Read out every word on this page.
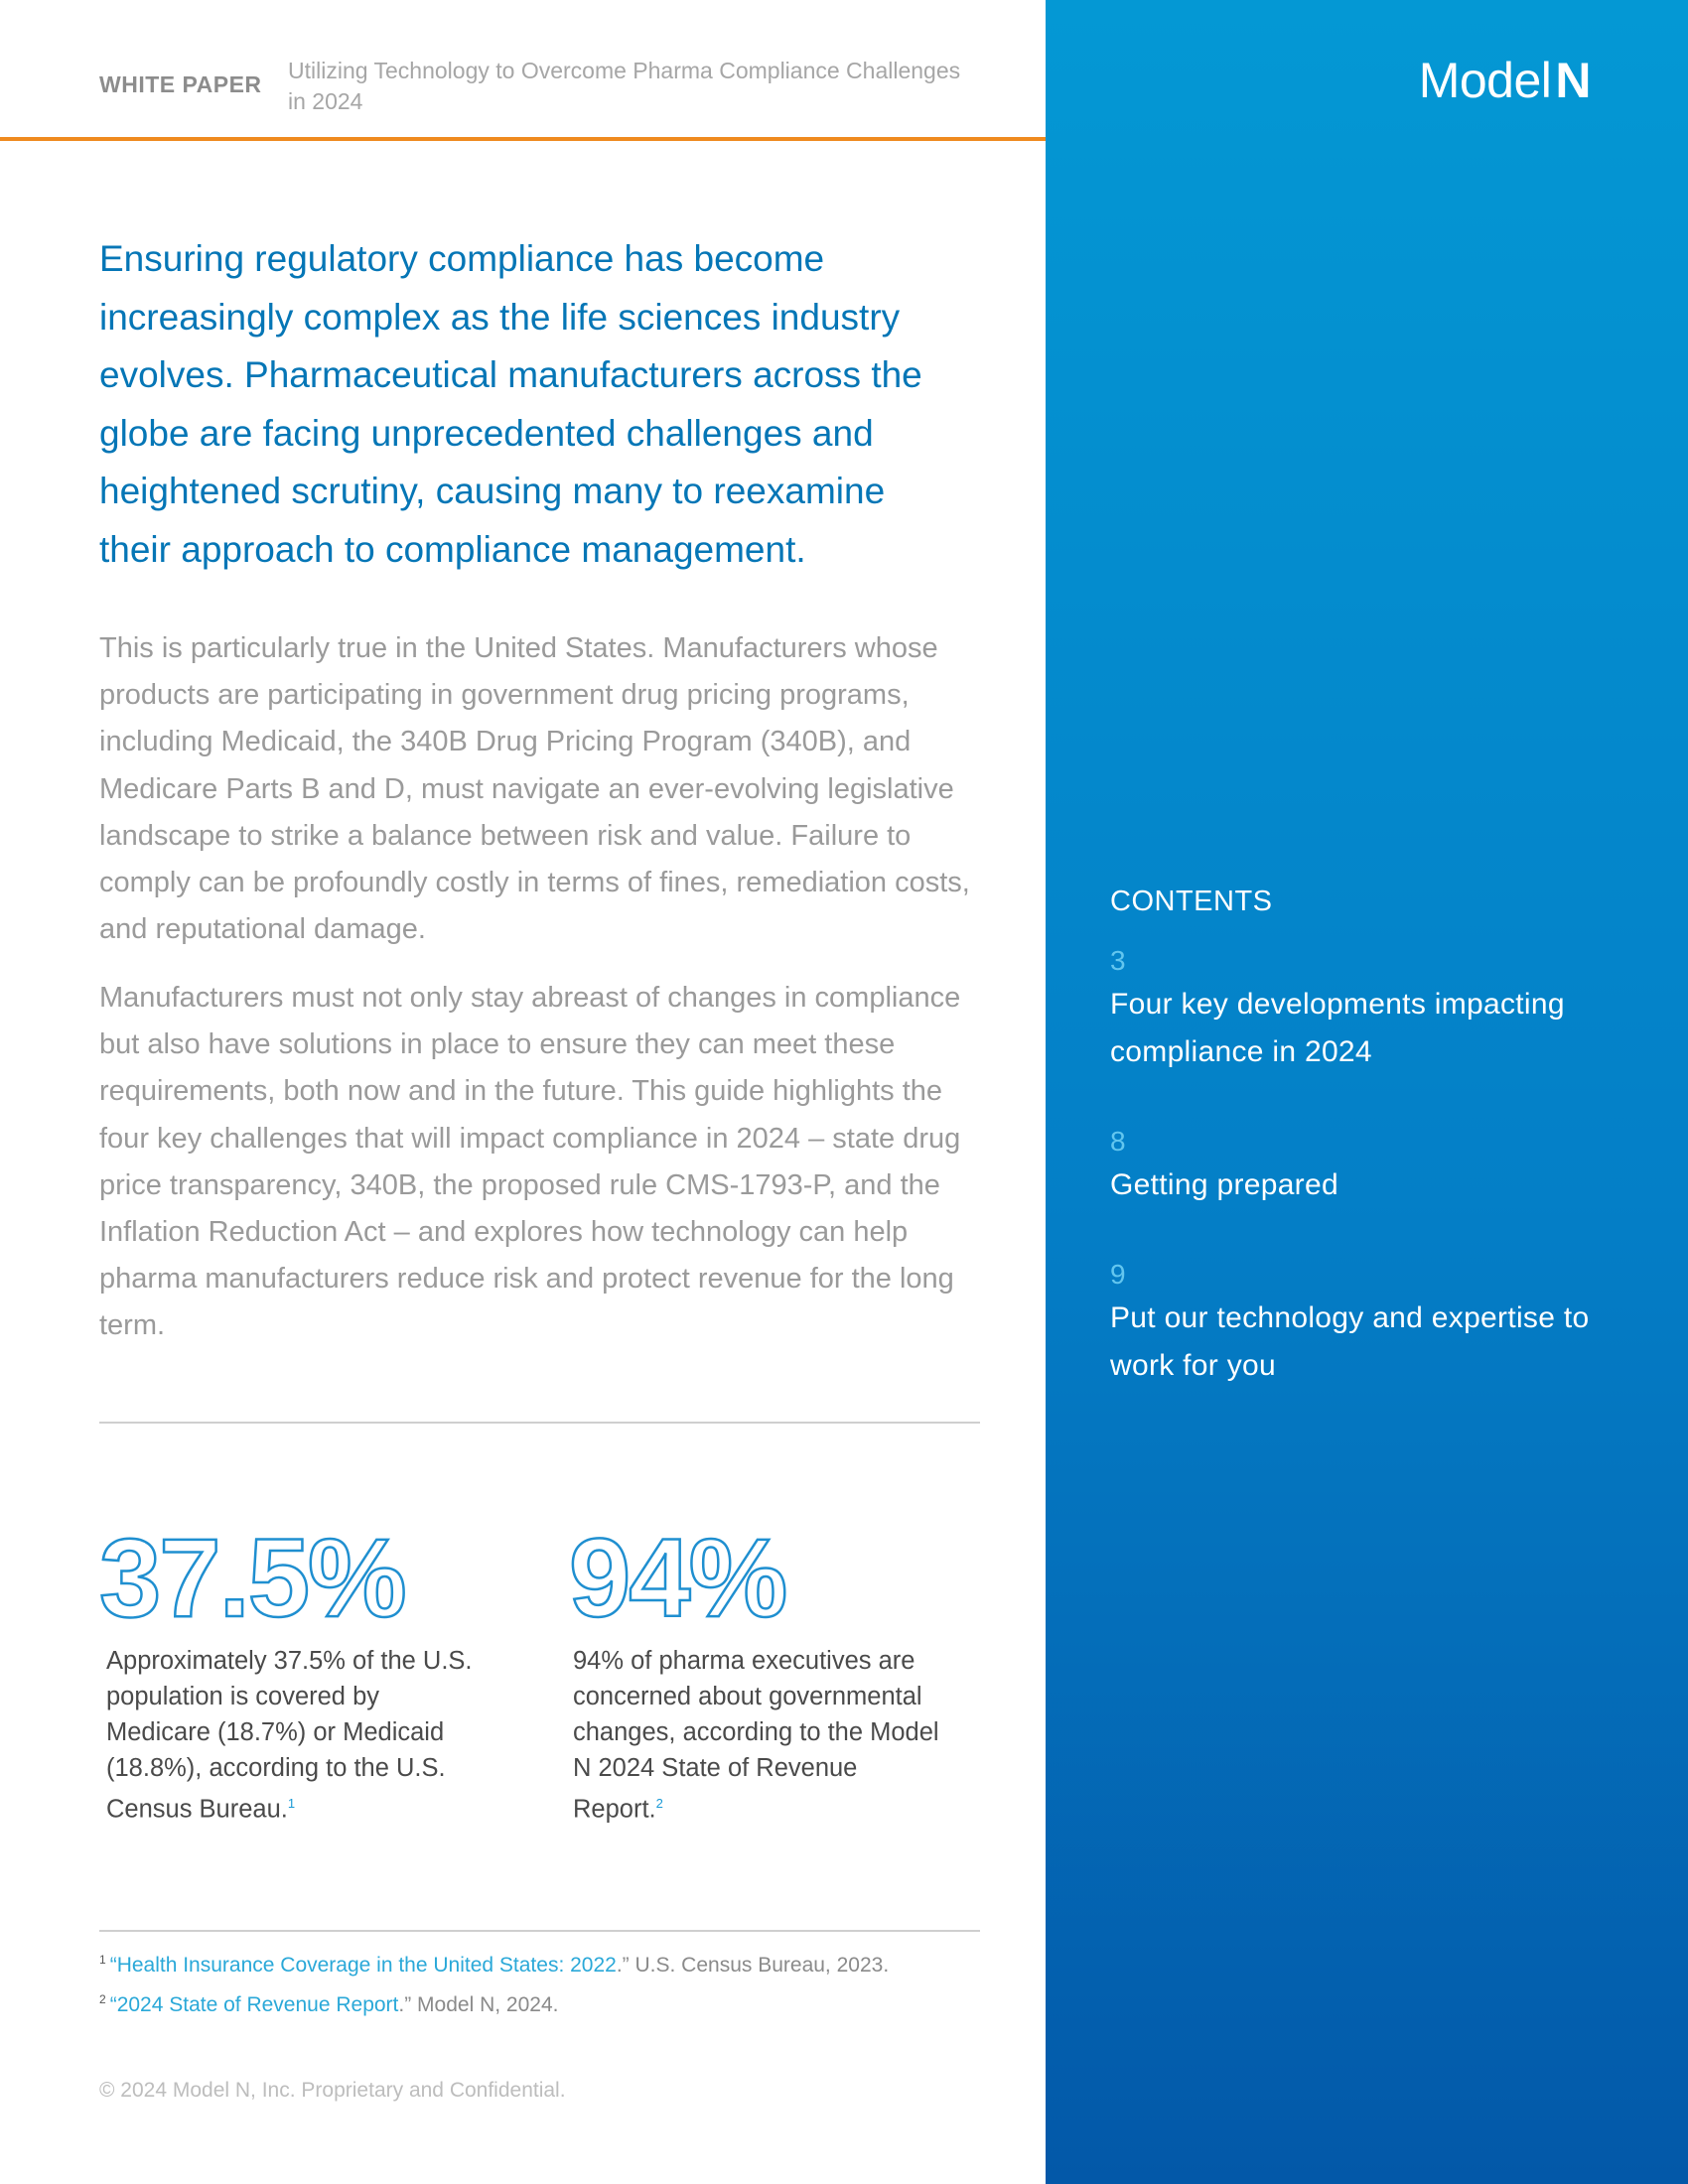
WHITE PAPER
Utilizing Technology to Overcome Pharma Compliance Challenges in 2024
Ensuring regulatory compliance has become increasingly complex as the life sciences industry evolves. Pharmaceutical manufacturers across the globe are facing unprecedented challenges and heightened scrutiny, causing many to reexamine their approach to compliance management.
This is particularly true in the United States. Manufacturers whose products are participating in government drug pricing programs, including Medicaid, the 340B Drug Pricing Program (340B), and Medicare Parts B and D, must navigate an ever-evolving legislative landscape to strike a balance between risk and value. Failure to comply can be profoundly costly in terms of fines, remediation costs, and reputational damage.
Manufacturers must not only stay abreast of changes in compliance but also have solutions in place to ensure they can meet these requirements, both now and in the future. This guide highlights the four key challenges that will impact compliance in 2024 – state drug price transparency, 340B, the proposed rule CMS-1793-P, and the Inflation Reduction Act – and explores how technology can help pharma manufacturers reduce risk and protect revenue for the long term.
37.5%
Approximately 37.5% of the U.S. population is covered by Medicare (18.7%) or Medicaid (18.8%), according to the U.S. Census Bureau.$^1$
94%
94% of pharma executives are concerned about governmental changes, according to the Model N 2024 State of Revenue Report.$^2$
$^1$ “Health Insurance Coverage in the United States: 2022.” U.S. Census Bureau, 2023.
$^2$ “2024 State of Revenue Report.” Model N, 2024.
© 2024 Model N, Inc. Proprietary and Confidential.
ModelN
CONTENTS
3
Four key developments impacting compliance in 2024
8
Getting prepared
9
Put our technology and expertise to work for you
